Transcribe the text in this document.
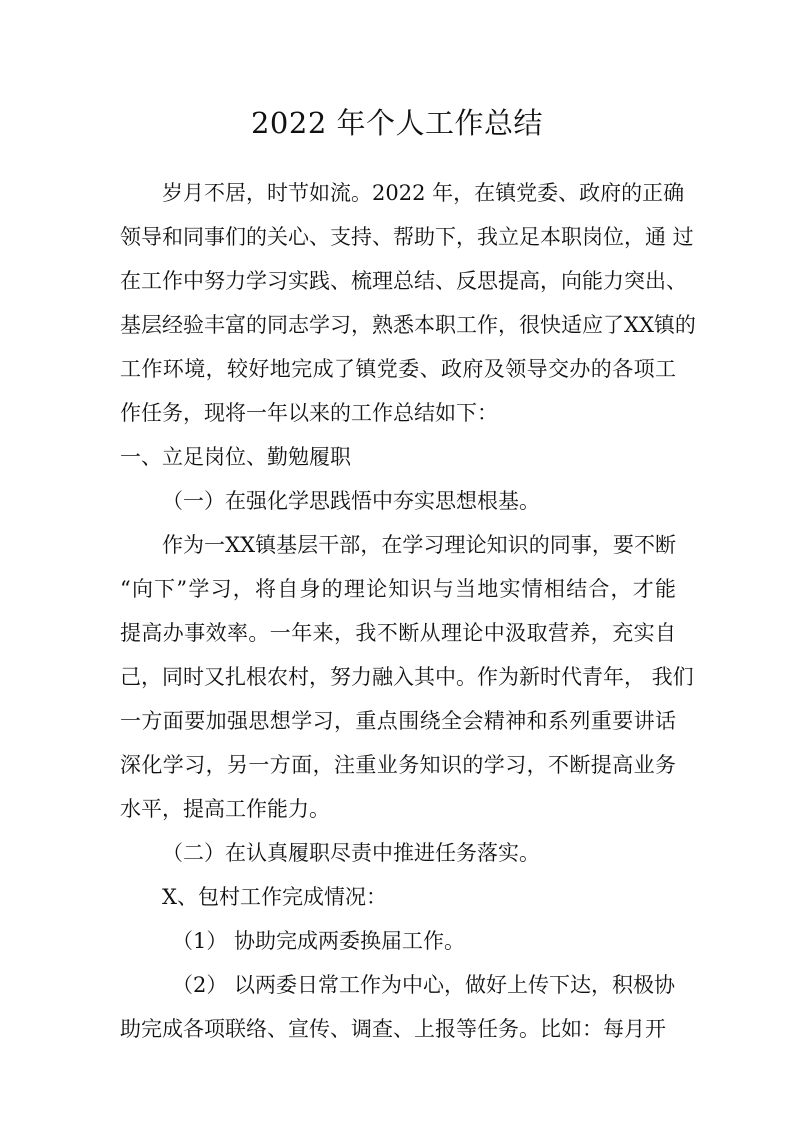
2022 年个人工作总结
岁月不居，时节如流。2022 年，在镇党委、政府的正确
领导和同事们的关心、支持、帮助下，我立足本职岗位，通 过
在工作中努力学习实践、梳理总结、反思提高，向能力突出、
基层经验丰富的同志学习，熟悉本职工作，很快适应了XX镇的
工作环境，较好地完成了镇党委、政府及领导交办的各项工
作任务，现将一年以来的工作总结如下：
一、立足岗位、勤勉履职
（一）在强化学思践悟中夯实思想根基。
作为一XX镇基层干部，在学习理论知识的同事，要不断
“向下”学习，将自身的理论知识与当地实情相结合，才能
提高办事效率。一年来，我不断从理论中汲取营养，充实自
己，同时又扎根农村，努力融入其中。作为新时代青年， 我们
一方面要加强思想学习，重点围绕全会精神和系列重要讲话
深化学习，另一方面，注重业务知识的学习，不断提高业务
水平，提高工作能力。
（二）在认真履职尽责中推进任务落实。
X、包村工作完成情况：
（1） 协助完成两委换届工作。
（2） 以两委日常工作为中心，做好上传下达，积极协
助完成各项联络、宣传、调查、上报等任务。比如：每月开
